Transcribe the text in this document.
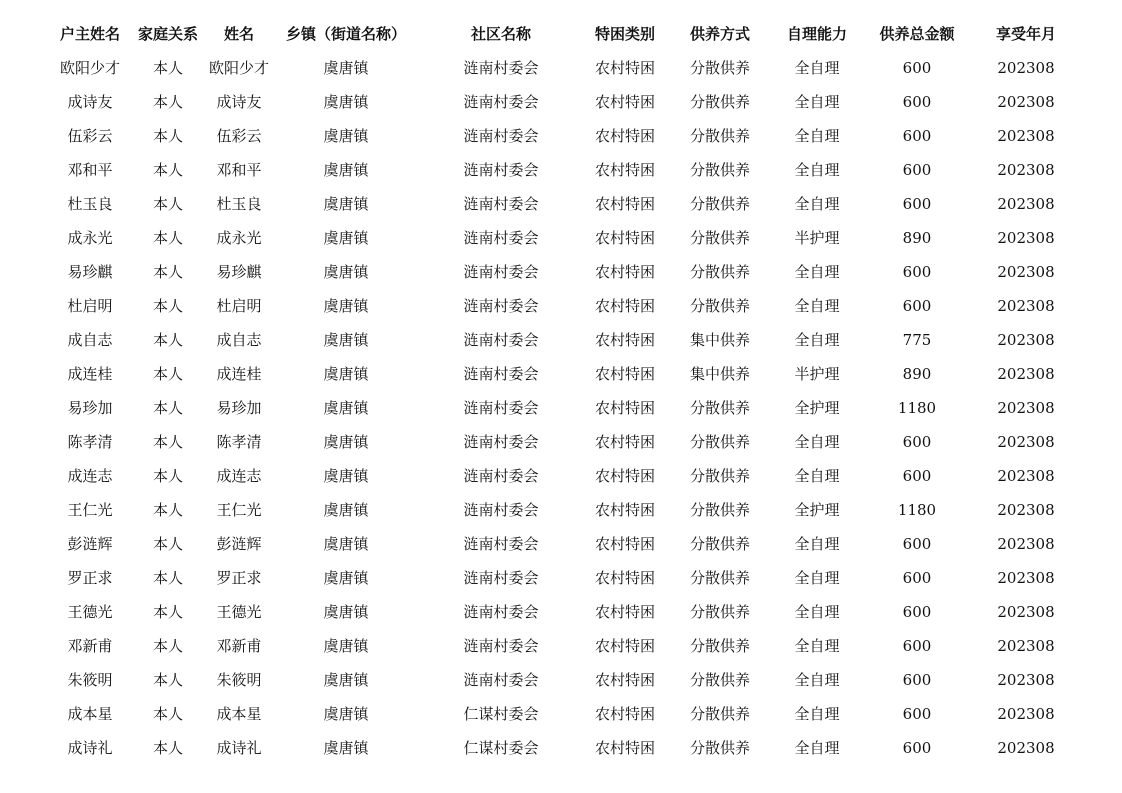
户主姓名	家庭关系	姓名	乡镇（街道名称）	社区名称	特困类别	供养方式	自理能力	供养总金额	享受年月
欧阳少才	本人	欧阳少才	虞唐镇	涟南村委会	农村特困	分散供养	全自理	600	202308
成诗友	本人	成诗友	虞唐镇	涟南村委会	农村特困	分散供养	全自理	600	202308
伍彩云	本人	伍彩云	虞唐镇	涟南村委会	农村特困	分散供养	全自理	600	202308
邓和平	本人	邓和平	虞唐镇	涟南村委会	农村特困	分散供养	全自理	600	202308
杜玉良	本人	杜玉良	虞唐镇	涟南村委会	农村特困	分散供养	全自理	600	202308
成永光	本人	成永光	虞唐镇	涟南村委会	农村特困	分散供养	半护理	890	202308
易珍麒	本人	易珍麒	虞唐镇	涟南村委会	农村特困	分散供养	全自理	600	202308
杜启明	本人	杜启明	虞唐镇	涟南村委会	农村特困	分散供养	全自理	600	202308
成自志	本人	成自志	虞唐镇	涟南村委会	农村特困	集中供养	全自理	775	202308
成连桂	本人	成连桂	虞唐镇	涟南村委会	农村特困	集中供养	半护理	890	202308
易珍加	本人	易珍加	虞唐镇	涟南村委会	农村特困	分散供养	全护理	1180	202308
陈孝清	本人	陈孝清	虞唐镇	涟南村委会	农村特困	分散供养	全自理	600	202308
成连志	本人	成连志	虞唐镇	涟南村委会	农村特困	分散供养	全自理	600	202308
王仁光	本人	王仁光	虞唐镇	涟南村委会	农村特困	分散供养	全护理	1180	202308
彭涟辉	本人	彭涟辉	虞唐镇	涟南村委会	农村特困	分散供养	全自理	600	202308
罗正求	本人	罗正求	虞唐镇	涟南村委会	农村特困	分散供养	全自理	600	202308
王德光	本人	王德光	虞唐镇	涟南村委会	农村特困	分散供养	全自理	600	202308
邓新甫	本人	邓新甫	虞唐镇	涟南村委会	农村特困	分散供养	全自理	600	202308
朱筱明	本人	朱筱明	虞唐镇	涟南村委会	农村特困	分散供养	全自理	600	202308
成本星	本人	成本星	虞唐镇	仁谋村委会	农村特困	分散供养	全自理	600	202308
成诗礼	本人	成诗礼	虞唐镇	仁谋村委会	农村特困	分散供养	全自理	600	202308
